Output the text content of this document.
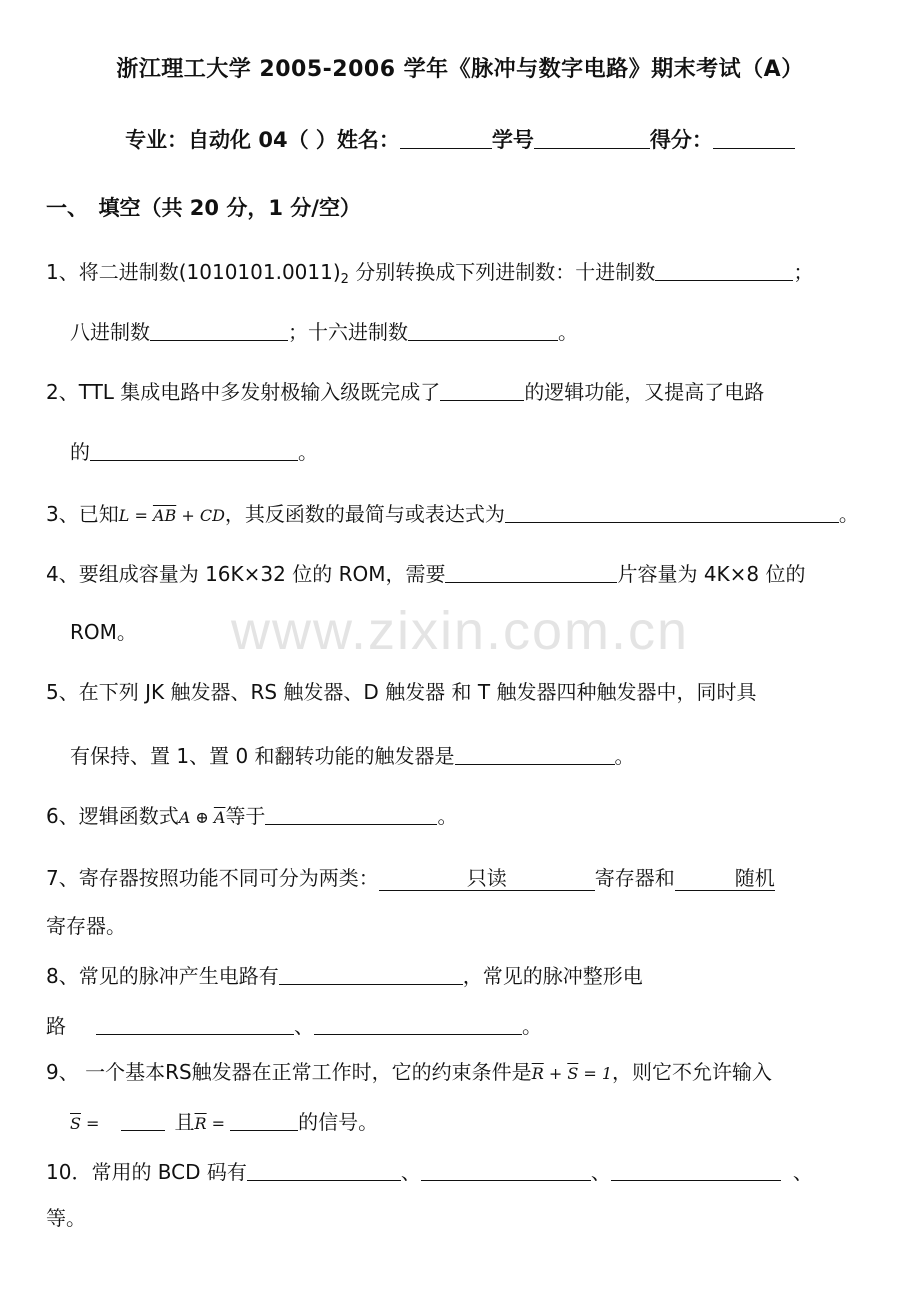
www.zixin.com.cn
浙江理工大学 2005-2006 学年《脉冲与数字电路》期末考试（A）
专业：自动化 04（ ）姓名：	学号	得分：
一、　填空（共 20 分，1 分/空）
1、将二进制数$(1010101.0011)_2$ 分别转换成下列进制数：十进制数	；
八进制数	；十六进制数	。
2、TTL 集成电路中多发射极输入级既完成了	的逻辑功能，又提高了电路
的	。
3、已知$L = \overline{AB}$ + CD，其反函数的最简与或表达式为	。
4、要组成容量为 16K×32 位的 ROM，需要	片容量为 4K×8 位的
ROM。
5、在下列 JK 触发器、RS 触发器、D 触发器 和 T 触发器四种触发器中，同时具
有保持、置 1、置 0 和翻转功能的触发器是	。
6、逻辑函数式A ⊕ $\overline{A}$等于	。
7、寄存器按照功能不同可分为两类：	只读	寄存器和	随机
寄存器。
8、常见的脉冲产生电路有	，常见的脉冲整形电
路	、	。
9、 一个基本RS触发器在正常工作时，它的约束条件是$\overline{R} + \overline{S} = 1$，则它不允许输入
$\overline{S}$ =	且$\overline{R}$ =	的信号。
10．常用的 BCD 码有	、	、	、
等。
